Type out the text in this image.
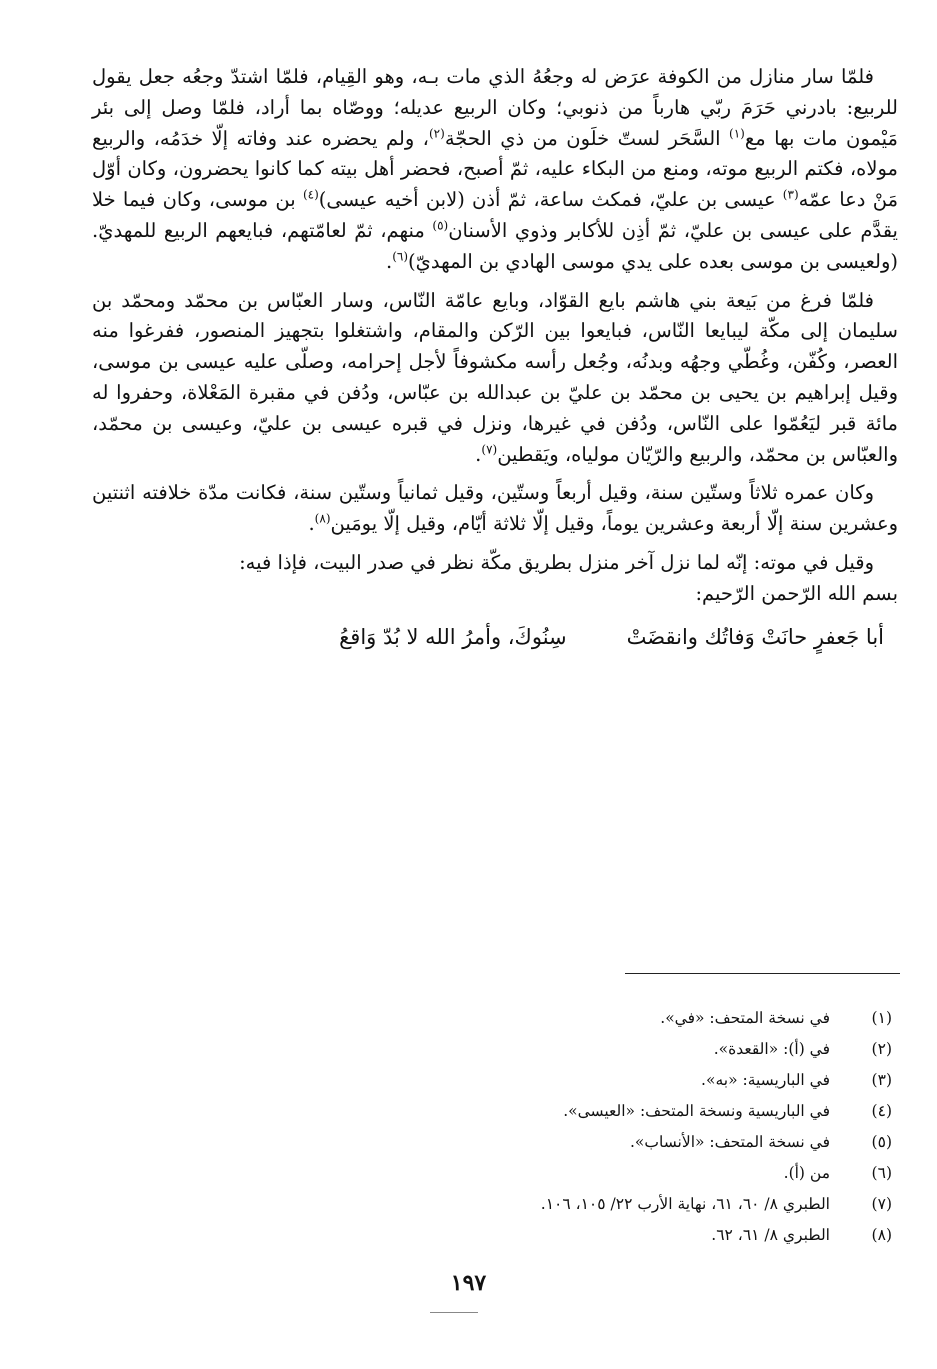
فلمّا سار منازل من الكوفة عرَض له وجعُهُ الذي مات بـه، وهو القِيام، فلمّا اشتدّ وجعُه جعل يقول للربيع: بادرني حَرَمَ ربّي هارباً من ذنوبي؛ وكان الربيع عديله؛ ووصّاه بما أراد، فلمّا وصل إلى بئر مَيْمون مات بها مع$^{(١)}$ السَّحَر لستّ خلَون من ذي الحجّة$^{(٢)}$، ولم يحضره عند وفاته إلّا خدَمُه، والربيع مولاه، فكتم الربيع موته، ومنع من البكاء عليه، ثمّ أصبح، فحضر أهل بيته كما كانوا يحضرون، وكان أوّل مَنْ دعا عمّه$^{(٣)}$ عيسى بن عليّ، فمكث ساعة، ثمّ أذن (لابن أخيه عيسى)$^{(٤)}$ بن موسى، وكان فيما خلا يقدَّم على عيسى بن عليّ، ثمّ أذِن للأكابر وذوي الأسنان$^{(٥)}$ منهم، ثمّ لعامّتهم، فبايعهم الربيع للمهديّ. (ولعيسى بن موسى بعده على يدي موسى الهادي بن المهديّ)$^{(٦)}$.

فلمّا فرغ من بَيعة بني هاشم بايع القوّاد، وبايع عامّة النّاس، وسار العبّاس بن محمّد ومحمّد بن سليمان إلى مكّة ليبايعا النّاس، فبايعوا بين الرّكن والمقام، واشتغلوا بتجهيز المنصور، ففرغوا منه العصر، وكُفّن، وغُطّي وجهُه وبدنُه، وجُعل رأسه مكشوفاً لأجل إحرامه، وصلّى عليه عيسى بن موسى، وقيل إبراهيم بن يحيى بن محمّد بن عليّ بن عبدالله بن عبّاس، ودُفن في مقبرة المَعْلاة، وحفروا له مائة قبر ليَعُمّوا على النّاس، ودُفن في غيرها، ونزل في قبره عيسى بن عليّ، وعيسى بن محمّد، والعبّاس بن محمّد، والربيع والرّيّان مولياه، ويَقطين$^{(٧)}$.

وكان عمره ثلاثاً وستّين سنة، وقيل أربعاً وستّين، وقيل ثمانياً وستّين سنة، فكانت مدّة خلافته اثنتين وعشرين سنة إلّا أربعة وعشرين يوماً، وقيل إلّا ثلاثة أيّام، وقيل إلّا يومَين$^{(٨)}$.

وقيل في موته: إنّه لما نزل آخر منزل بطريق مكّة نظر في صدر البيت، فإذا فيه:

بسم الله الرّحمن الرّحيم:

أبا جَعفرٍ حانَتْ وَفاتُك وانقضَتْ
سِنُوكَ، وأمرُ الله لا بُدّ وَاقعُ
(١)
في نسخة المتحف: «في».
(٢)
في (أ): «القعدة».
(٣)
في الباريسية: «به».
(٤)
في الباريسية ونسخة المتحف: «العيسى».
(٥)
في نسخة المتحف: «الأنساب».
(٦)
من (أ).
(٧)
الطبري ٨/ ٦٠، ٦١، نهاية الأرب ٢٢/ ١٠٥، ١٠٦.
(٨)
الطبري ٨/ ٦١، ٦٢.
١٩٧
